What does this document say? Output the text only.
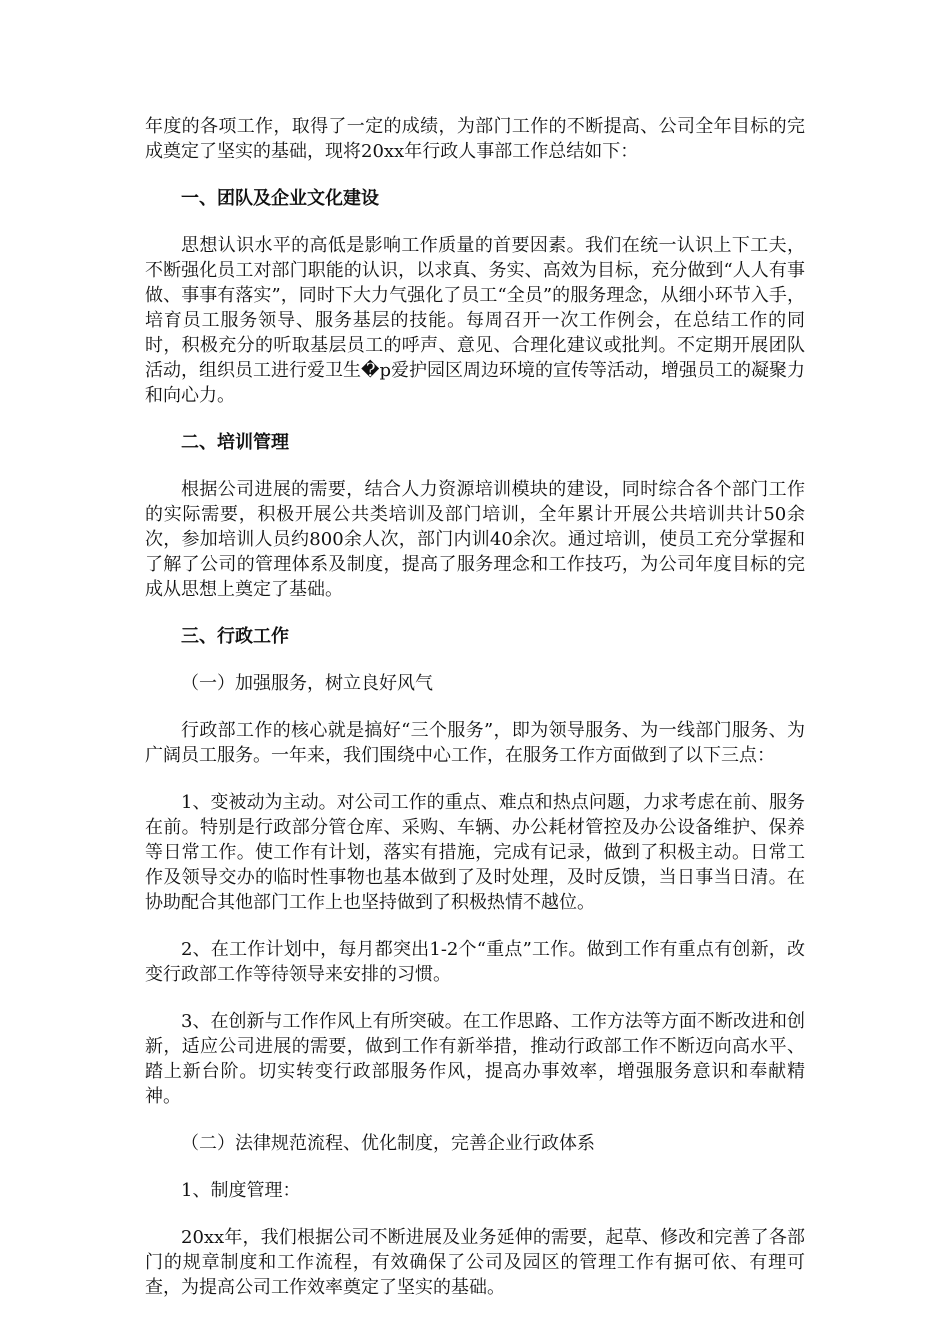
年度的各项工作，取得了一定的成绩，为部门工作的不断提高、公司全年目标的完成奠定了坚实的基础，现将20xx年行政人事部工作总结如下：

一、团队及企业文化建设

思想认识水平的高低是影响工作质量的首要因素。我们在统一认识上下工夫，不断强化员工对部门职能的认识，以求真、务实、高效为目标，充分做到“人人有事做、事事有落实”，同时下大力气强化了员工“全员”的服务理念，从细小环节入手，培育员工服务领导、服务基层的技能。每周召开一次工作例会，在总结工作的同时，积极充分的听取基层员工的呼声、意见、合理化建议或批判。不定期开展团队活动，组织员工进行爱卫生�p爱护园区周边环境的宣传等活动，增强员工的凝聚力和向心力。

二、培训管理

根据公司进展的需要，结合人力资源培训模块的建设，同时综合各个部门工作的实际需要，积极开展公共类培训及部门培训，全年累计开展公共培训共计50余次，参加培训人员约800余人次，部门内训40余次。通过培训，使员工充分掌握和了解了公司的管理体系及制度，提高了服务理念和工作技巧，为公司年度目标的完成从思想上奠定了基础。

三、行政工作

（一）加强服务，树立良好风气

行政部工作的核心就是搞好“三个服务”，即为领导服务、为一线部门服务、为广阔员工服务。一年来，我们围绕中心工作，在服务工作方面做到了以下三点：

1、变被动为主动。对公司工作的重点、难点和热点问题，力求考虑在前、服务在前。特别是行政部分管仓库、采购、车辆、办公耗材管控及办公设备维护、保养等日常工作。使工作有计划，落实有措施，完成有记录，做到了积极主动。日常工作及领导交办的临时性事物也基本做到了及时处理，及时反馈，当日事当日清。在协助配合其他部门工作上也坚持做到了积极热情不越位。

2、在工作计划中，每月都突出1-2个“重点”工作。做到工作有重点有创新，改变行政部工作等待领导来安排的习惯。

3、在创新与工作作风上有所突破。在工作思路、工作方法等方面不断改进和创新，适应公司进展的需要，做到工作有新举措，推动行政部工作不断迈向高水平、踏上新台阶。切实转变行政部服务作风，提高办事效率，增强服务意识和奉献精神。

（二）法律规范流程、优化制度，完善企业行政体系

1、制度管理：

20xx年，我们根据公司不断进展及业务延伸的需要，起草、修改和完善了各部门的规章制度和工作流程，有效确保了公司及园区的管理工作有据可依、有理可查，为提高公司工作效率奠定了坚实的基础。
